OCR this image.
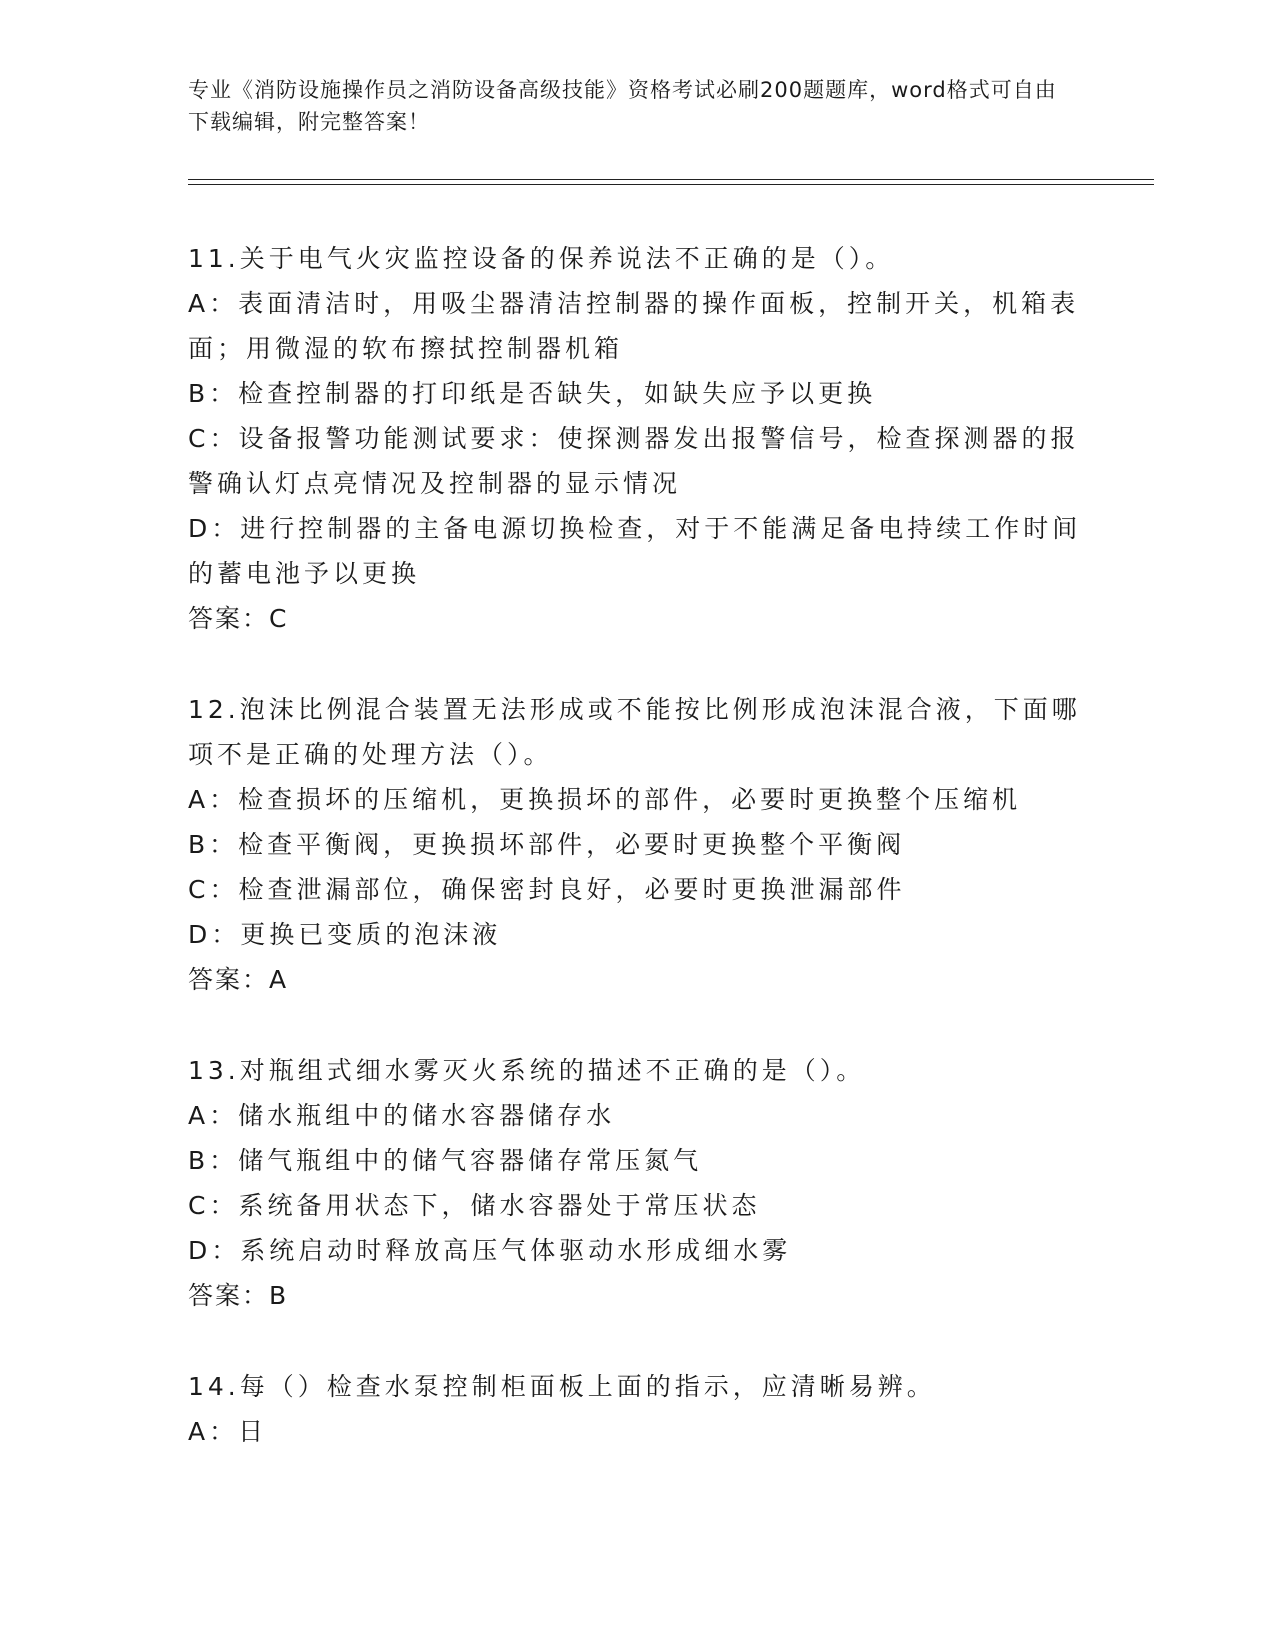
专业《消防设施操作员之消防设备高级技能》资格考试必刷200题题库，word格式可自由下载编辑，附完整答案！

11.关于电气火灾监控设备的保养说法不正确的是（）。

A：表面清洁时，用吸尘器清洁控制器的操作面板，控制开关，机箱表面；用微湿的软布擦拭控制器机箱

B：检查控制器的打印纸是否缺失，如缺失应予以更换

C：设备报警功能测试要求：使探测器发出报警信号，检查探测器的报警确认灯点亮情况及控制器的显示情况

D：进行控制器的主备电源切换检查，对于不能满足备电持续工作时间的蓄电池予以更换

答案：C

12.泡沫比例混合装置无法形成或不能按比例形成泡沫混合液，下面哪项不是正确的处理方法（）。

A：检查损坏的压缩机，更换损坏的部件，必要时更换整个压缩机

B：检查平衡阀，更换损坏部件，必要时更换整个平衡阀

C：检查泄漏部位，确保密封良好，必要时更换泄漏部件

D：更换已变质的泡沫液

答案：A

13.对瓶组式细水雾灭火系统的描述不正确的是（）。

A：储水瓶组中的储水容器储存水

B：储气瓶组中的储气容器储存常压氮气

C：系统备用状态下，储水容器处于常压状态

D：系统启动时释放高压气体驱动水形成细水雾

答案：B

14.每（）检查水泵控制柜面板上面的指示，应清晰易辨。

A：日
